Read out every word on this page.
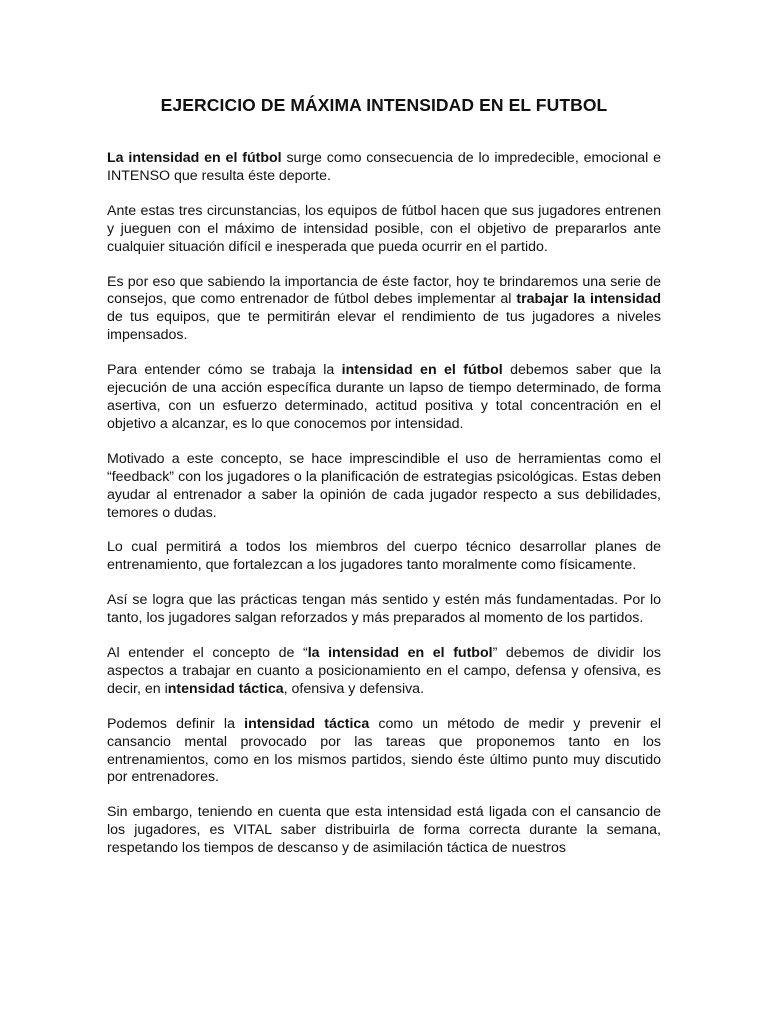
EJERCICIO DE MÁXIMA INTENSIDAD EN EL FUTBOL

La intensidad en el fútbol surge como consecuencia de lo impredecible, emocional e INTENSO que resulta éste deporte.

Ante estas tres circunstancias, los equipos de fútbol hacen que sus jugadores entrenen y jueguen con el máximo de intensidad posible, con el objetivo de prepararlos ante cualquier situación difícil e inesperada que pueda ocurrir en el partido.

Es por eso que sabiendo la importancia de éste factor, hoy te brindaremos una serie de consejos, que como entrenador de fútbol debes implementar al trabajar la intensidad de tus equipos, que te permitirán elevar el rendimiento de tus jugadores a niveles impensados.

Para entender cómo se trabaja la intensidad en el fútbol debemos saber que la ejecución de una acción específica durante un lapso de tiempo determinado, de forma asertiva, con un esfuerzo determinado, actitud positiva y total concentración en el objetivo a alcanzar, es lo que conocemos por intensidad.

Motivado a este concepto, se hace imprescindible el uso de herramientas como el “feedback” con los jugadores o la planificación de estrategias psicológicas. Estas deben ayudar al entrenador a saber la opinión de cada jugador respecto a sus debilidades, temores o dudas.

Lo cual permitirá a todos los miembros del cuerpo técnico desarrollar planes de entrenamiento, que fortalezcan a los jugadores tanto moralmente como físicamente.

Así se logra que las prácticas tengan más sentido y estén más fundamentadas. Por lo tanto, los jugadores salgan reforzados y más preparados al momento de los partidos.

Al entender el concepto de “la intensidad en el futbol” debemos de dividir los aspectos a trabajar en cuanto a posicionamiento en el campo, defensa y ofensiva, es decir, en intensidad táctica, ofensiva y defensiva.

Podemos definir la intensidad táctica como un método de medir y prevenir el cansancio mental provocado por las tareas que proponemos tanto en los entrenamientos, como en los mismos partidos, siendo éste último punto muy discutido por entrenadores.

Sin embargo, teniendo en cuenta que esta intensidad está ligada con el cansancio de los jugadores, es VITAL saber distribuirla de forma correcta durante la semana, respetando los tiempos de descanso y de asimilación táctica de nuestros
